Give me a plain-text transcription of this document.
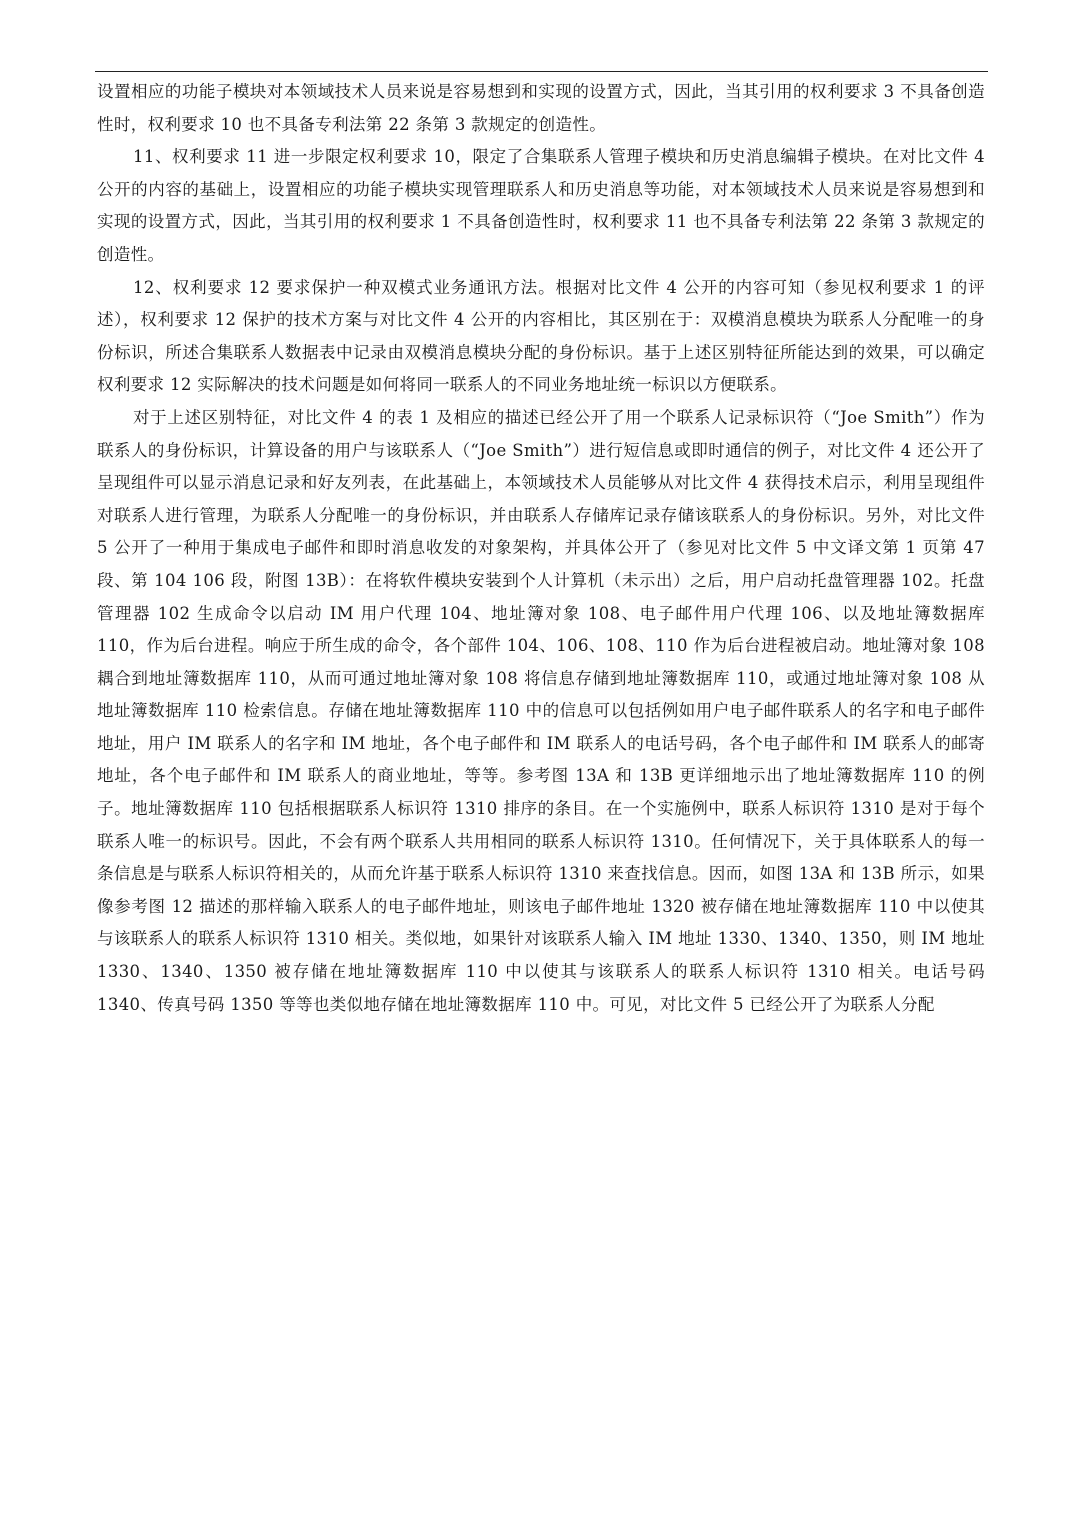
设置相应的功能子模块对本领域技术人员来说是容易想到和实现的设置方式，因此，当其引用的权利要求 3 不具备创造性时，权利要求 10 也不具备专利法第 22 条第 3 款规定的创造性。

11、权利要求 11 进一步限定权利要求 10，限定了合集联系人管理子模块和历史消息编辑子模块。在对比文件 4 公开的内容的基础上，设置相应的功能子模块实现管理联系人和历史消息等功能，对本领域技术人员来说是容易想到和实现的设置方式，因此，当其引用的权利要求 1 不具备创造性时，权利要求 11 也不具备专利法第 22 条第 3 款规定的创造性。

12、权利要求 12 要求保护一种双模式业务通讯方法。根据对比文件 4 公开的内容可知（参见权利要求 1 的评述），权利要求 12 保护的技术方案与对比文件 4 公开的内容相比，其区别在于：双模消息模块为联系人分配唯一的身份标识，所述合集联系人数据表中记录由双模消息模块分配的身份标识。基于上述区别特征所能达到的效果，可以确定权利要求 12 实际解决的技术问题是如何将同一联系人的不同业务地址统一标识以方便联系。

对于上述区别特征，对比文件 4 的表 1 及相应的描述已经公开了用一个联系人记录标识符（“Joe Smith”）作为联系人的身份标识，计算设备的用户与该联系人（“Joe Smith”）进行短信息或即时通信的例子，对比文件 4 还公开了呈现组件可以显示消息记录和好友列表，在此基础上，本领域技术人员能够从对比文件 4 获得技术启示，利用呈现组件对联系人进行管理，为联系人分配唯一的身份标识，并由联系人存储库记录存储该联系人的身份标识。另外，对比文件 5 公开了一种用于集成电子邮件和即时消息收发的对象架构，并具体公开了（参见对比文件 5 中文译文第 1 页第 47 段、第 104 106 段，附图 13B）：在将软件模块安装到个人计算机（未示出）之后，用户启动托盘管理器 102。托盘管理器 102 生成命令以启动 IM 用户代理 104、地址簿对象 108、电子邮件用户代理 106、以及地址簿数据库 110，作为后台进程。响应于所生成的命令，各个部件 104、106、108、110 作为后台进程被启动。地址簿对象 108 耦合到地址簿数据库 110，从而可通过地址簿对象 108 将信息存储到地址簿数据库 110，或通过地址簿对象 108 从地址簿数据库 110 检索信息。存储在地址簿数据库 110 中的信息可以包括例如用户电子邮件联系人的名字和电子邮件地址，用户 IM 联系人的名字和 IM 地址，各个电子邮件和 IM 联系人的电话号码，各个电子邮件和 IM 联系人的邮寄地址，各个电子邮件和 IM 联系人的商业地址，等等。参考图 13A 和 13B 更详细地示出了地址簿数据库 110 的例子。地址簿数据库 110 包括根据联系人标识符 1310 排序的条目。在一个实施例中，联系人标识符 1310 是对于每个联系人唯一的标识号。因此，不会有两个联系人共用相同的联系人标识符 1310。任何情况下，关于具体联系人的每一条信息是与联系人标识符相关的，从而允许基于联系人标识符 1310 来查找信息。因而，如图 13A 和 13B 所示，如果像参考图 12 描述的那样输入联系人的电子邮件地址，则该电子邮件地址 1320 被存储在地址簿数据库 110 中以使其与该联系人的联系人标识符 1310 相关。类似地，如果针对该联系人输入 IM 地址 1330、1340、1350，则 IM 地址 1330、1340、1350 被存储在地址簿数据库 110 中以使其与该联系人的联系人标识符 1310 相关。电话号码 1340、传真号码 1350 等等也类似地存储在地址簿数据库 110 中。可见，对比文件 5 已经公开了为联系人分配
